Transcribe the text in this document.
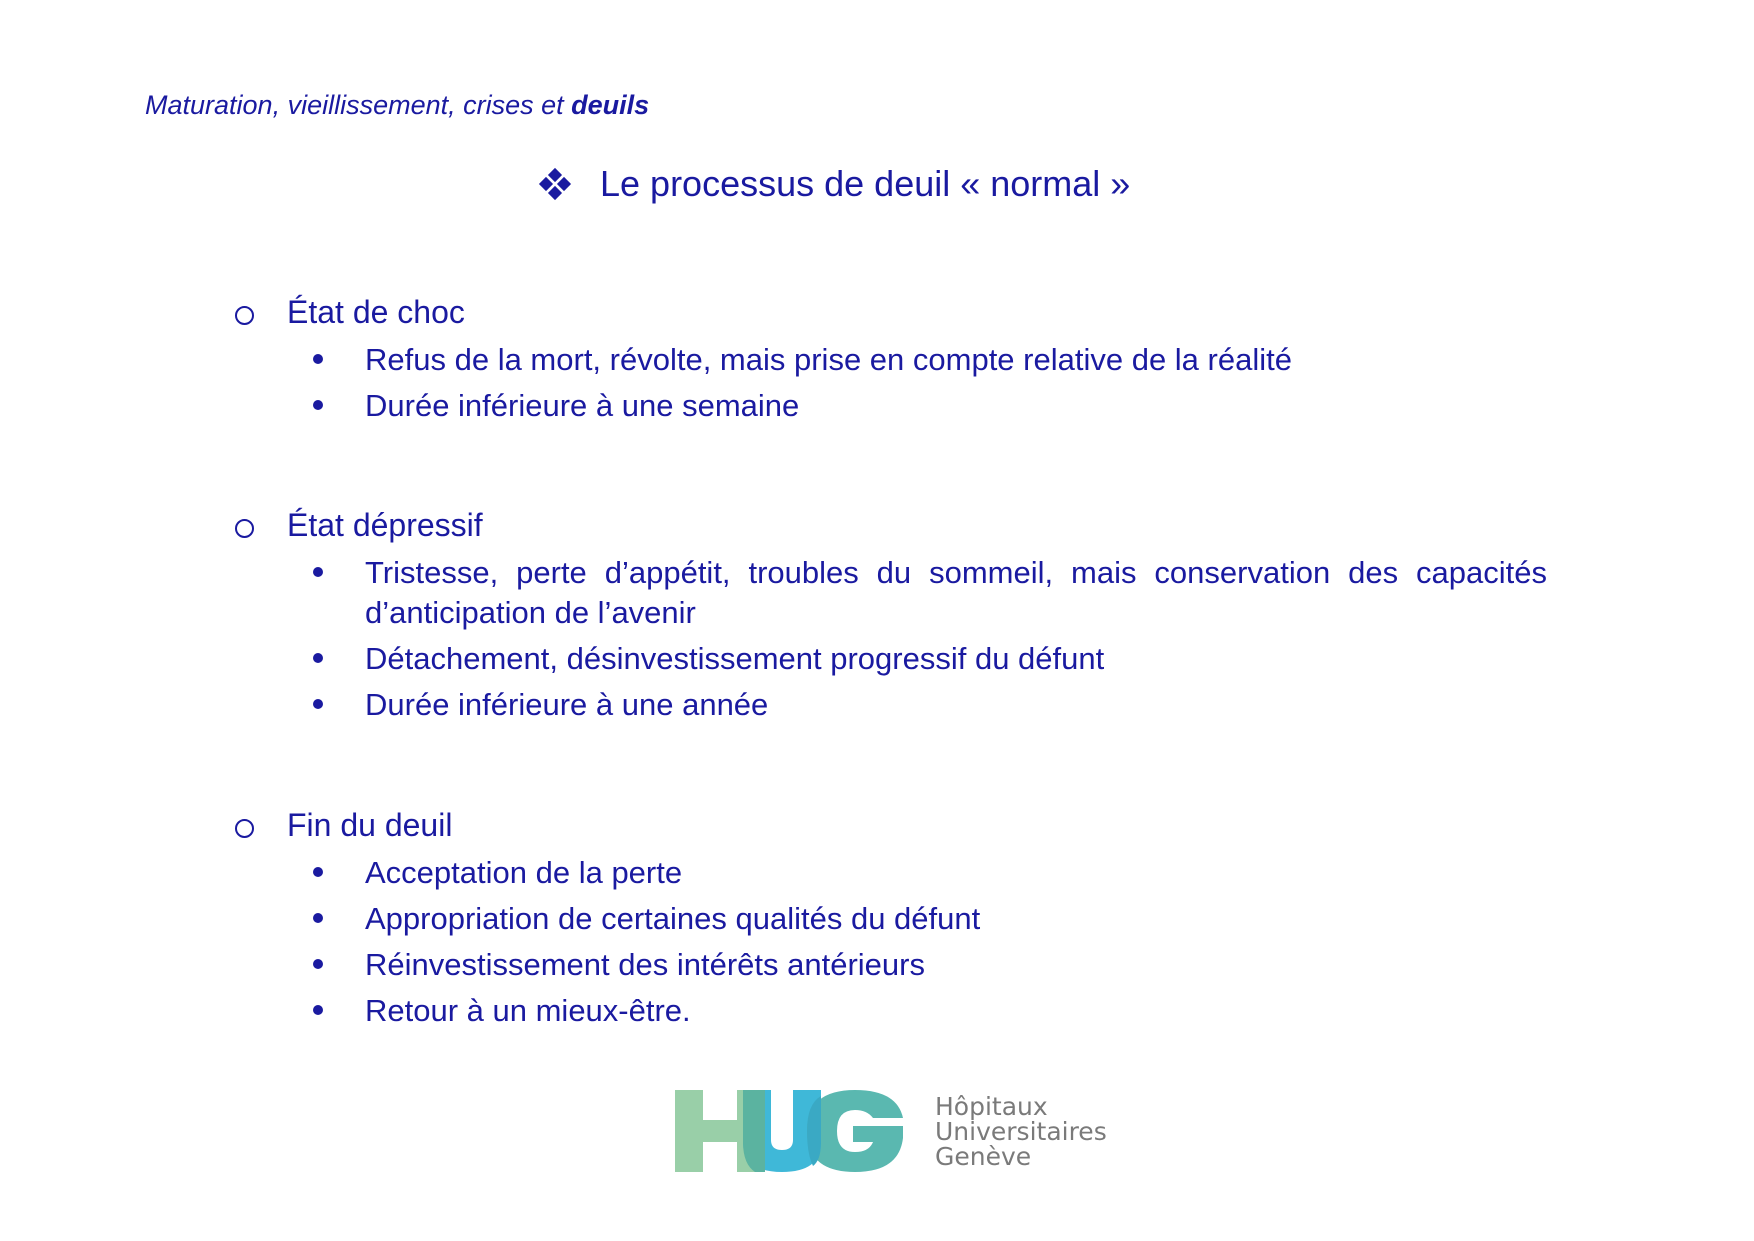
Maturation, vieillissement, crises et deuils
Le processus de deuil « normal »
État de choc
Refus de la mort, révolte, mais prise en compte relative de la réalité
Durée inférieure à une semaine
État dépressif
Tristesse, perte d’appétit, troubles du sommeil, mais conservation des capacités d’anticipation de l’avenir
Détachement, désinvestissement progressif du défunt
Durée inférieure à une année
Fin du deuil
Acceptation de la perte
Appropriation de certaines qualités du défunt
Réinvestissement des intérêts antérieurs
Retour à un mieux-être.
Hôpitaux
Universitaires
Genève
